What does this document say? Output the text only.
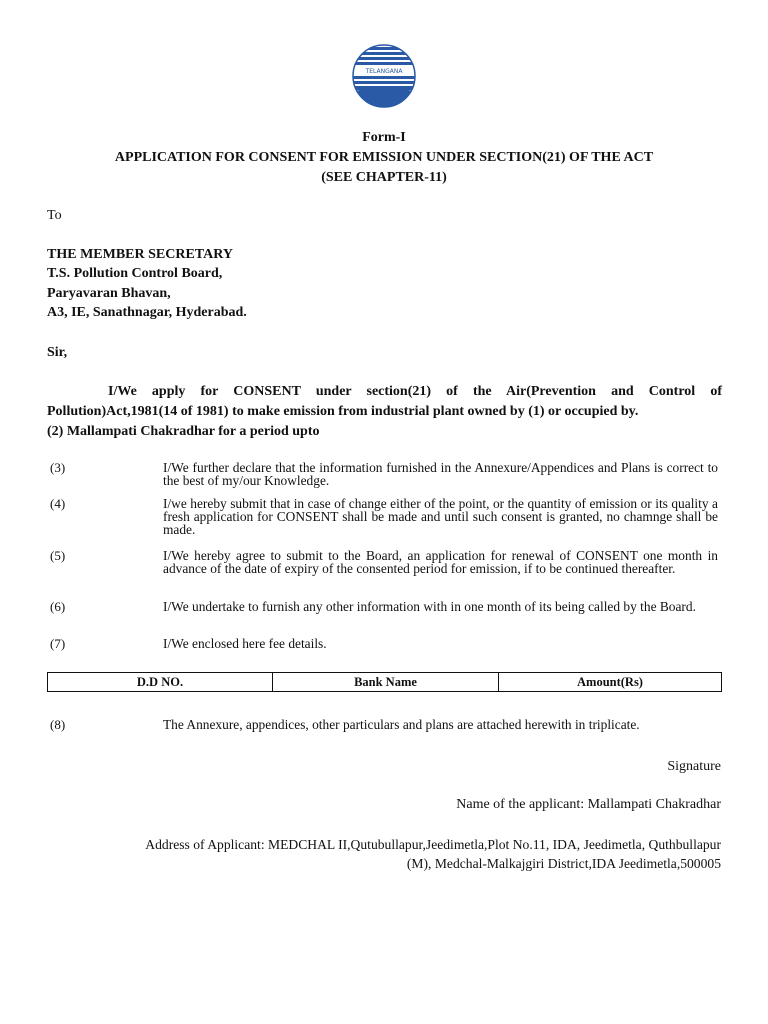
TELANGANA
Form-I
APPLICATION FOR CONSENT FOR EMISSION UNDER SECTION(21) OF THE ACT
(SEE CHAPTER-11)
To
THE MEMBER SECRETARY
T.S. Pollution Control Board,
Paryavaran Bhavan,
A3, IE, Sanathnagar, Hyderabad.
Sir,
I/We apply for CONSENT under section(21) of the Air(Prevention and Control of Pollution)Act,1981(14 of 1981) to make emission from industrial plant owned by (1) or occupied by.
(2) Mallampati Chakradhar for a period upto
(3)	I/We further declare that the information furnished in the Annexure/Appendices and Plans is correct to the best of my/our Knowledge.
(4)	I/we hereby submit that in case of change either of the point, or the quantity of emission or its quality a fresh application for CONSENT shall be made and until such consent is granted, no chamnge shall be made.
(5)	I/We hereby agree to submit to the Board, an application for renewal of CONSENT one month in advance of the date of expiry of the consented period for emission, if to be continued thereafter.
(6)	I/We undertake to furnish any other information with in one month of its being called by the Board.
(7)	I/We enclosed here fee details.
D.D NO.	Bank Name	Amount(Rs)
(8)	The Annexure, appendices, other particulars and plans are attached herewith in triplicate.
Signature
Name of the applicant: Mallampati Chakradhar
Address of Applicant: MEDCHAL II,Qutubullapur,Jeedimetla,Plot No.11, IDA, Jeedimetla, Quthbullapur
(M), Medchal-Malkajgiri District,IDA Jeedimetla,500005
